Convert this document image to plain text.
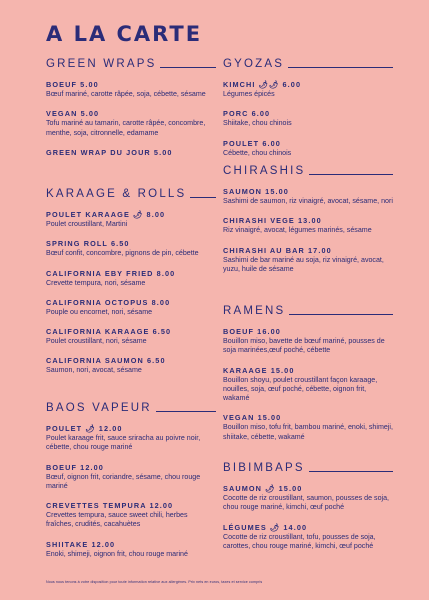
A LA CARTE
GREEN WRAPS
BOEUF 5.00
Bœuf mariné, carotte râpée, soja, cébette, sésame
VEGAN 5.00
Tofu mariné au tamarin, carotte râpée, concombre, menthe, soja, citronnelle, edamame
GREEN WRAP DU JOUR 5.00
KARAAGE & ROLLS
POULET KARAAGE 🌶 8.00
Poulet croustillant, Martini
SPRING ROLL 6.50
Bœuf confit, concombre, pignons de pin, cébette
CALIFORNIA EBY FRIED 8.00
Crevette tempura, nori, sésame
CALIFORNIA OCTOPUS 8.00
Pouple ou encornet, nori, sésame
CALIFORNIA KARAAGE 6.50
Poulet croustillant, nori, sésame
CALIFORNIA SAUMON 6.50
Saumon, nori, avocat, sésame
BAOS VAPEUR
POULET 🌶 12.00
Poulet karaage frit, sauce sriracha au poivre noir, cébette, chou rouge mariné
BOEUF 12.00
Bœuf, oignon frit, coriandre, sésame, chou rouge mariné
CREVETTES TEMPURA 12.00
Crevettes tempura, sauce sweet chili, herbes fraîches, crudités, cacahuètes
SHIITAKE 12.00
Enoki, shimeji, oignon frit, chou rouge mariné
GYOZAS
KIMCHI 🌶🌶 6.00
Légumes épicés
PORC 6.00
Shiitake, chou chinois
POULET 6.00
Cébette, chou chinois
CHIRASHIS
SAUMON 15.00
Sashimi de saumon, riz vinaigré, avocat, sésame, nori
CHIRASHI VEGE 13.00
Riz vinaigré, avocat, légumes marinés, sésame
CHIRASHI AU BAR 17.00
Sashimi de bar mariné au soja, riz vinaigré, avocat, yuzu, huile de sésame
RAMENS
BOEUF 16.00
Bouillon miso, bavette de bœuf mariné, pousses de soja marinées,œuf poché, cébette
KARAAGE 15.00
Bouillon shoyu, poulet croustillant façon karaage, nouilles, soja, œuf poché, cébette, oignon frit, wakamé
VEGAN 15.00
Bouillon miso, tofu frit, bambou mariné, enoki, shimeji, shiitake, cébette, wakamé
BIBIMBAPS
SAUMON 🌶 15.00
Cocotte de riz croustillant, saumon, pousses de soja, chou rouge mariné, kimchi, œuf poché
LÉGUMES 🌶 14.00
Cocotte de riz croustillant, tofu, pousses de soja, carottes, chou rouge mariné, kimchi, œuf poché
Nous nous tenons à votre disposition pour toute information relative aux allergènes. Prix nets en euros, taxes et service compris
